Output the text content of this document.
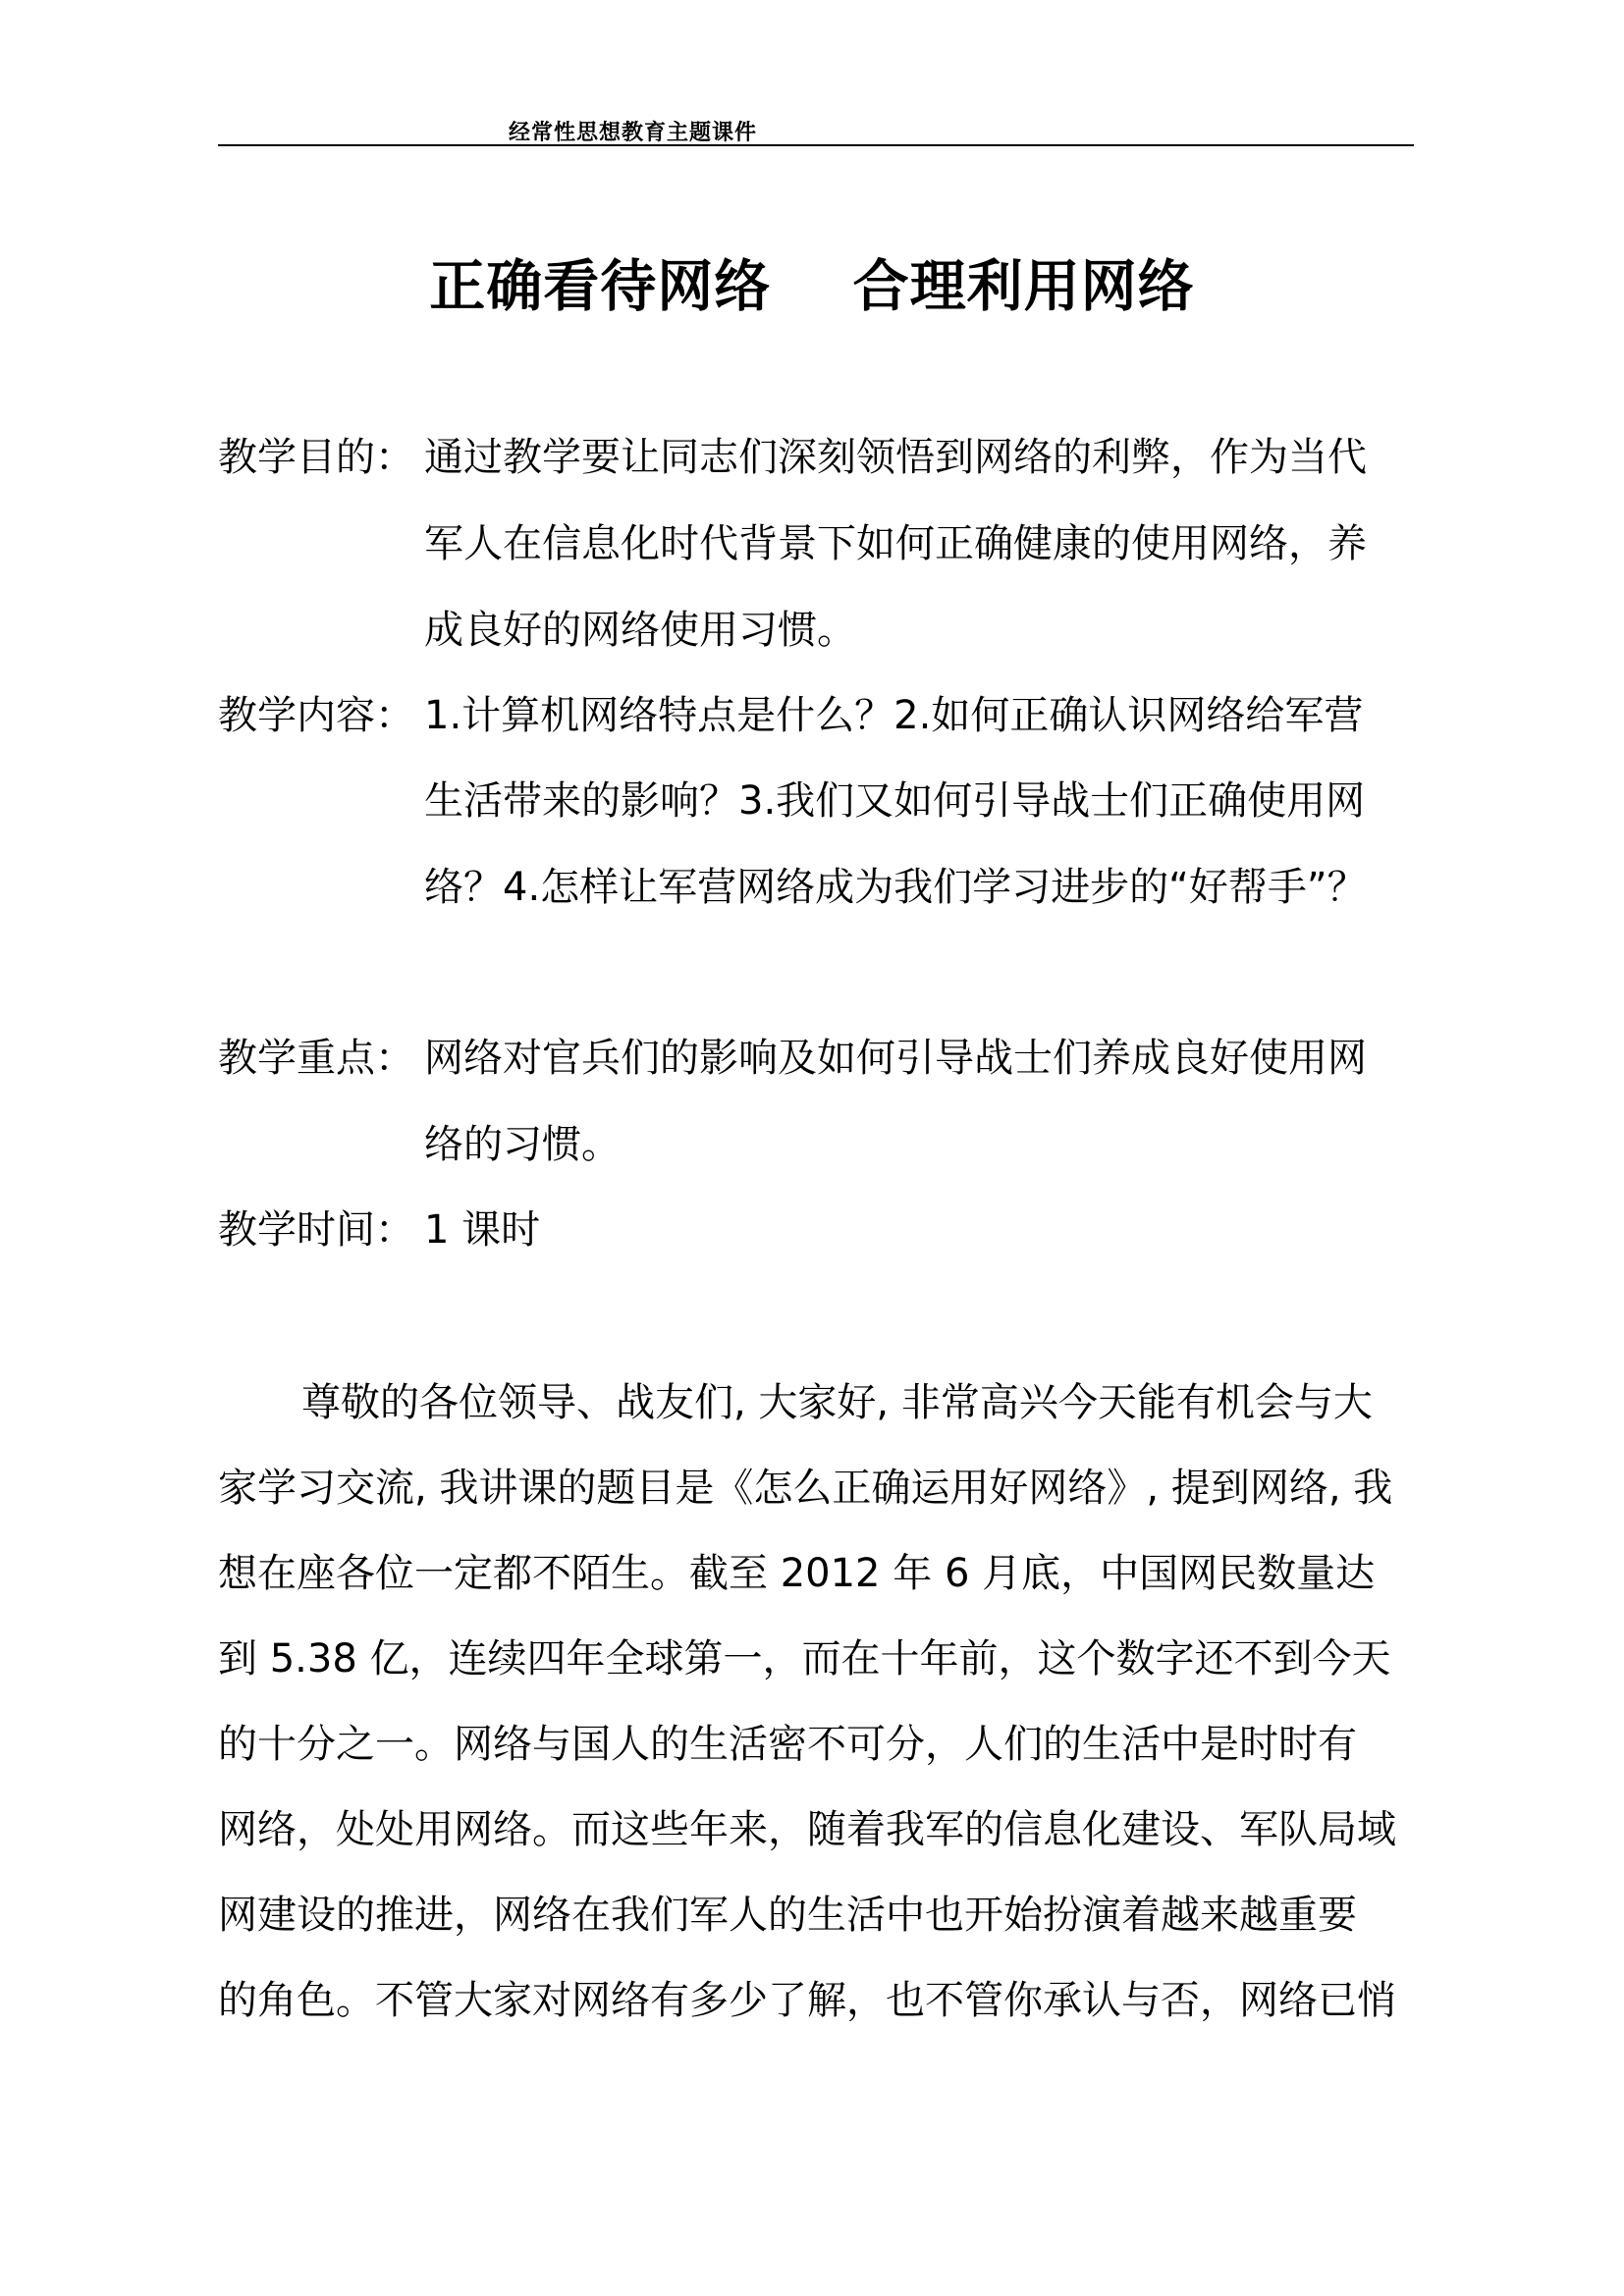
经常性思想教育主题课件
正确看待网络    合理利用网络
教学目的： 通过教学要让同志们深刻领悟到网络的利弊，作为当代
军人在信息化时代背景下如何正确健康的使用网络，养
成良好的网络使用习惯。
教学内容： 1.计算机网络特点是什么？2.如何正确认识网络给军营
生活带来的影响？3.我们又如何引导战士们正确使用网
络？4.怎样让军营网络成为我们学习进步的“好帮手”？
教学重点： 网络对官兵们的影响及如何引导战士们养成良好使用网
络的习惯。
教学时间： 1 课时
尊敬的各位领导、战友们, 大家好, 非常高兴今天能有机会与大
家学习交流, 我讲课的题目是《怎么正确运用好网络》, 提到网络, 我
想在座各位一定都不陌生。截至 2012 年 6 月底，中国网民数量达
到 5.38 亿，连续四年全球第一，而在十年前，这个数字还不到今天
的十分之一。网络与国人的生活密不可分，人们的生活中是时时有
网络，处处用网络。而这些年来，随着我军的信息化建设、军队局域
网建设的推进，网络在我们军人的生活中也开始扮演着越来越重要
的角色。不管大家对网络有多少了解，也不管你承认与否，网络已悄
